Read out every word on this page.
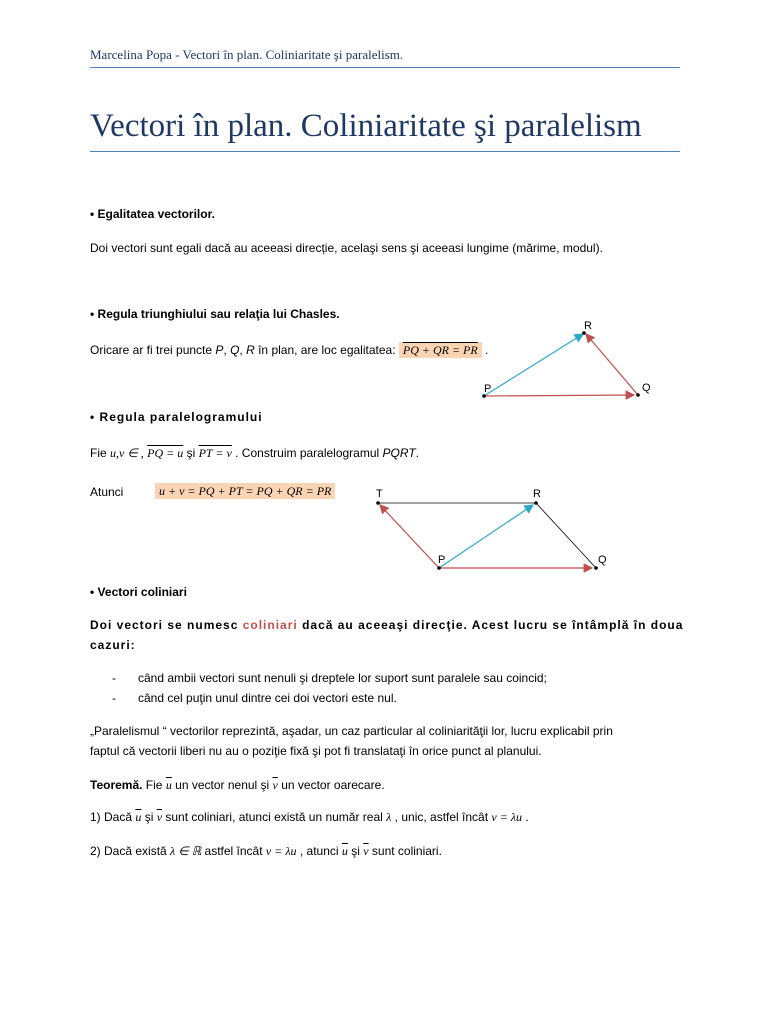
Marcelina Popa - Vectori în plan. Coliniaritate şi paralelism.
Vectori în plan. Coliniaritate şi paralelism
• Egalitatea vectorilor.
Doi vectori sunt egali dacă au aceeasi direcție, acelaşi sens şi aceeasi lungime (mărime, modul).
• Regula triunghiului sau relaţia lui Chasles.
Oricare ar fi trei puncte P, Q, R în plan, are loc egalitatea: PQ + QR = PR .
P	Q
R
• Regula paralelogramului
Fie u,v ∈ , PQ = u şi PT = v . Construim paralelogramul PQRT.
Atunci	u + v = PQ + PT = PQ + QR = PR	T	R
P	Q
• Vectori coliniari
Doi vectori se numesc coliniari dacă au aceeaşi direcţie. Acest lucru se întâmplă în doua
cazuri:
- când ambii vectori sunt nenuli şi dreptele lor suport sunt paralele sau coincid;
- când cel puţin unul dintre cei doi vectori este nul.
„Paralelismul “ vectorilor reprezintă, aşadar, un caz particular al coliniarităţii lor, lucru explicabil prin
faptul că vectorii liberi nu au o poziţie fixă şi pot fi translataţi în orice punct al planului.
Teoremă. Fie $\overline{u}$ un vector nenul şi $\overline{v}$ un vector oarecare.
1) Dacă $\overline{u}$ şi $\overline{v}$ sunt coliniari, atunci există un număr real λ , unic, astfel încât v = λu .
2) Dacă există λ ∈ ℝ astfel încât v = λu , atunci $\overline{u}$ şi $\overline{v}$ sunt coliniari.
